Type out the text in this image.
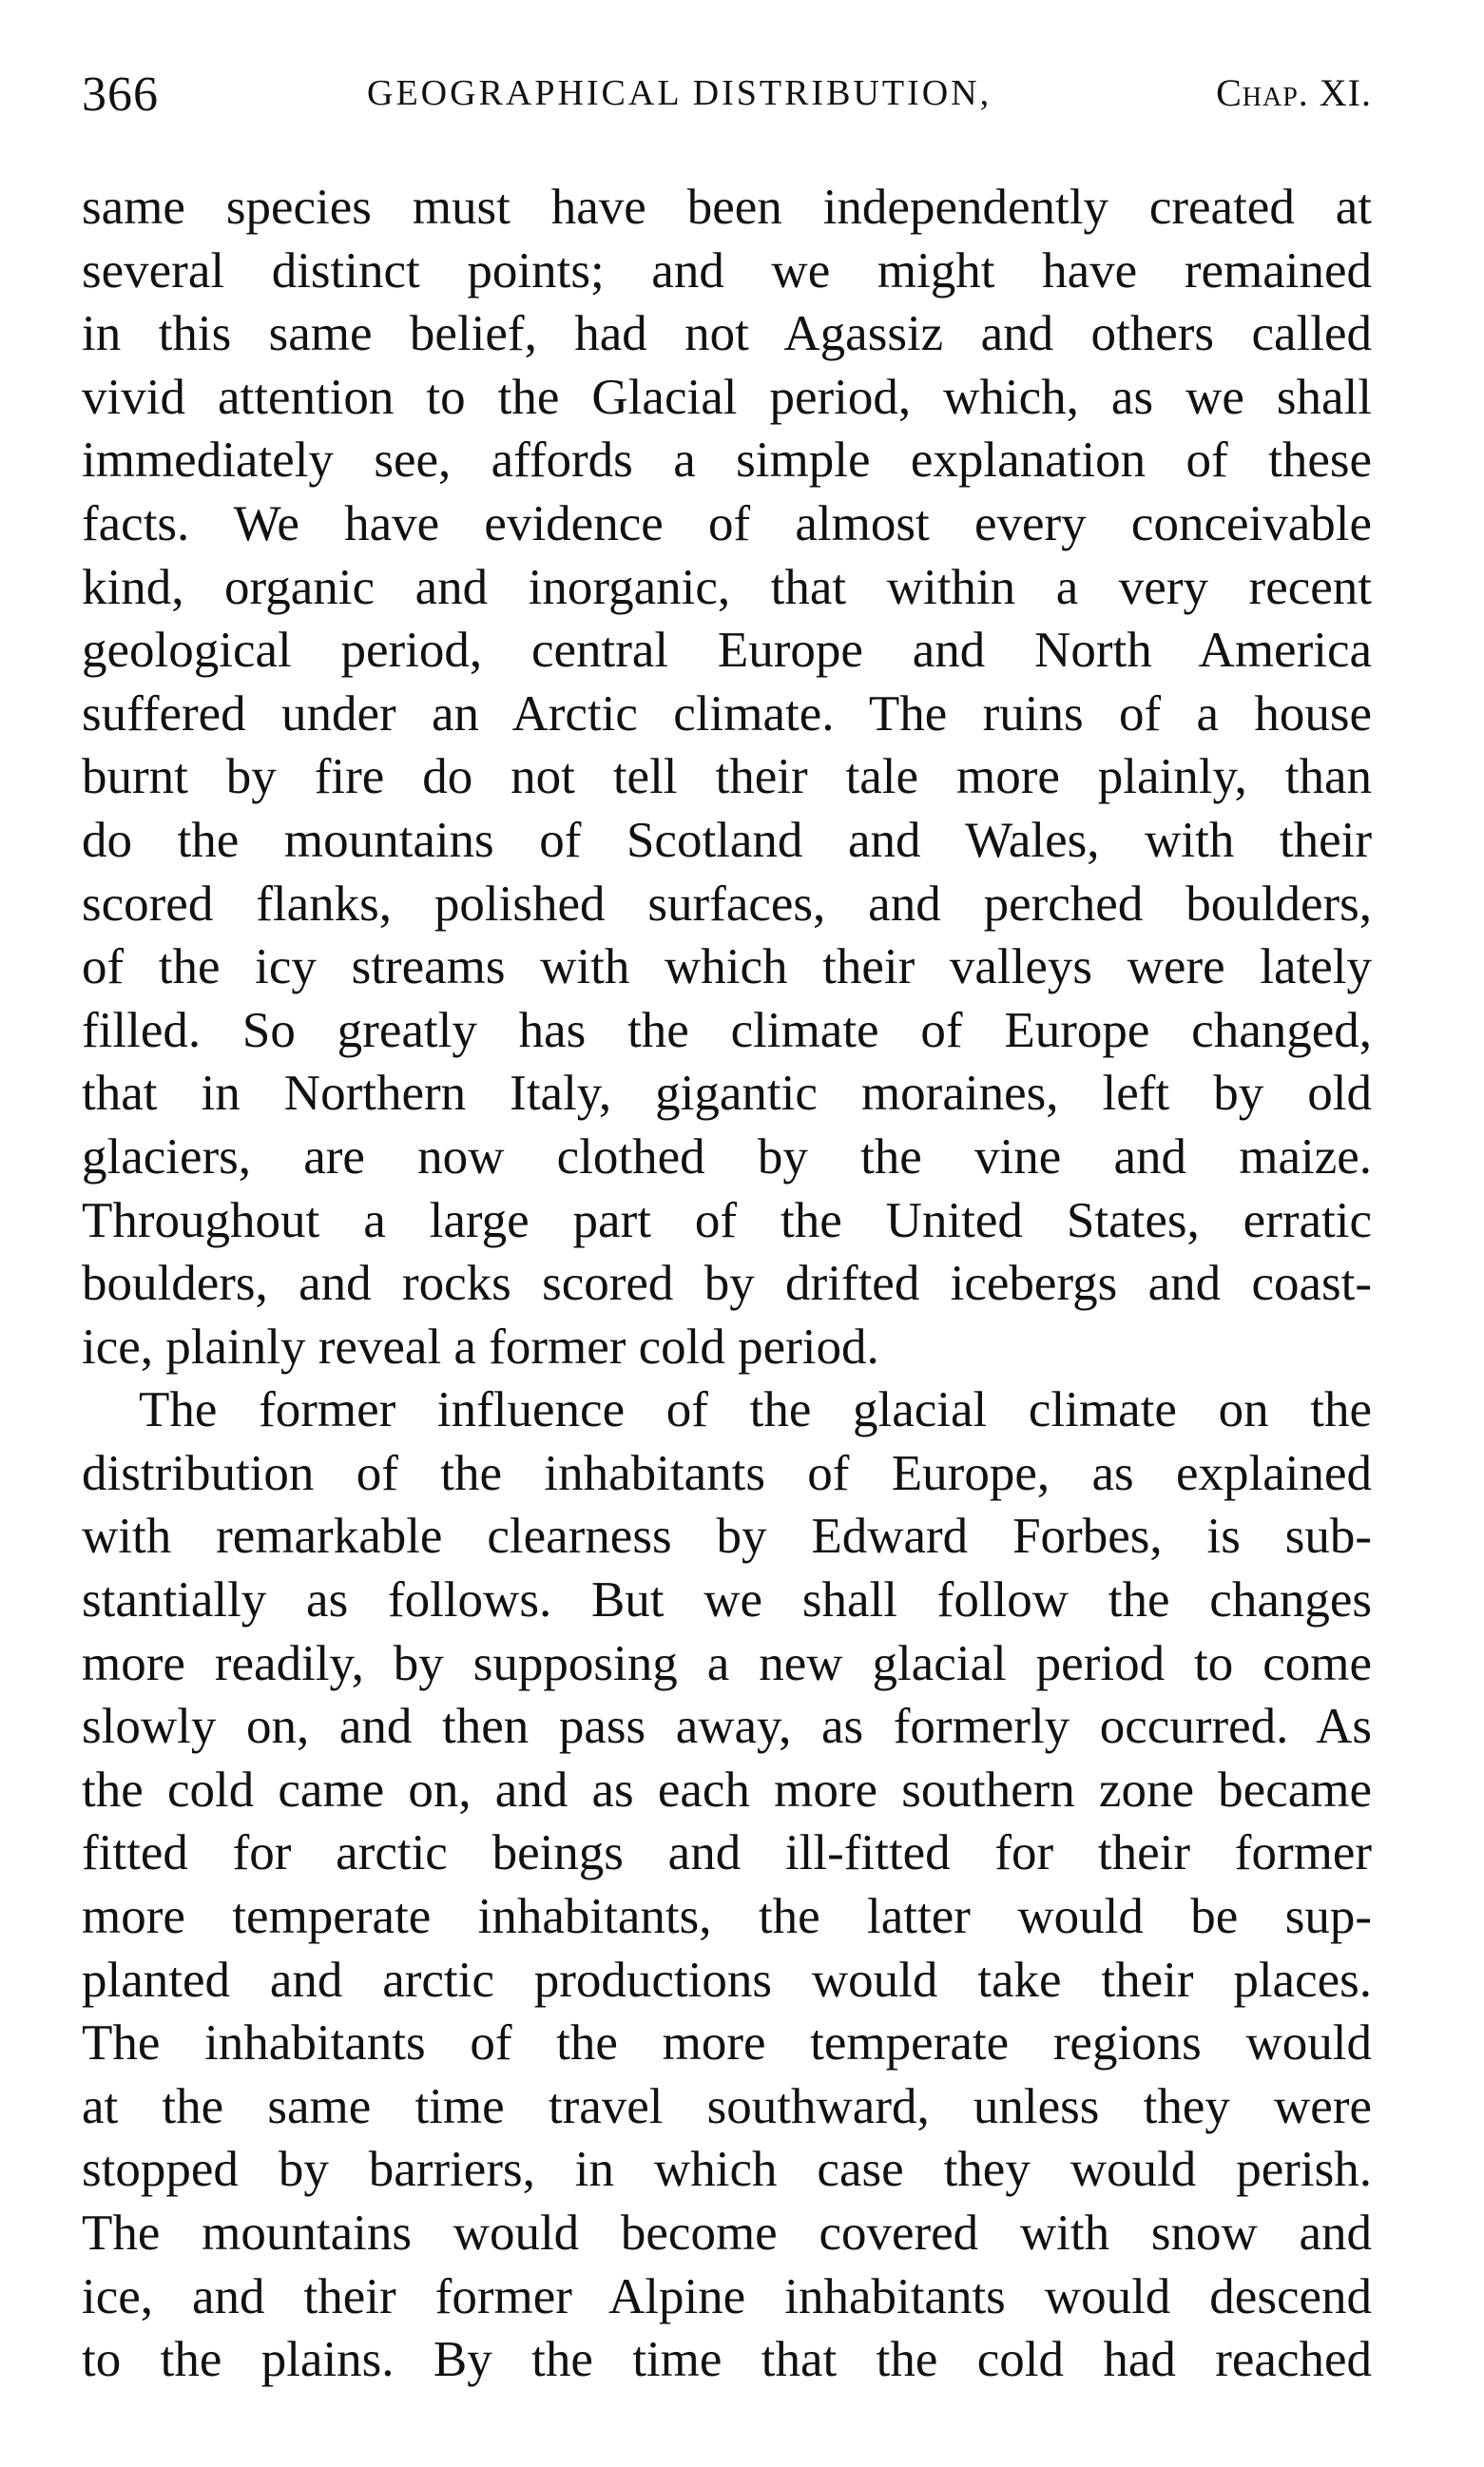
366	GEOGRAPHICAL DISTRIBUTION,	Chap. XI.
same species must have been independently created at
several distinct points; and we might have remained
in this same belief, had not Agassiz and others called
vivid attention to the Glacial period, which, as we shall
immediately see, affords a simple explanation of these
facts. We have evidence of almost every conceivable
kind, organic and inorganic, that within a very recent
geological period, central Europe and North America
suffered under an Arctic climate. The ruins of a house
burnt by fire do not tell their tale more plainly, than
do the mountains of Scotland and Wales, with their
scored flanks, polished surfaces, and perched boulders,
of the icy streams with which their valleys were lately
filled. So greatly has the climate of Europe changed,
that in Northern Italy, gigantic moraines, left by old
glaciers, are now clothed by the vine and maize.
Throughout a large part of the United States, erratic
boulders, and rocks scored by drifted icebergs and coast-
ice, plainly reveal a former cold period.
The former influence of the glacial climate on the
distribution of the inhabitants of Europe, as explained
with remarkable clearness by Edward Forbes, is sub-
stantially as follows. But we shall follow the changes
more readily, by supposing a new glacial period to come
slowly on, and then pass away, as formerly occurred. As
the cold came on, and as each more southern zone became
fitted for arctic beings and ill-fitted for their former
more temperate inhabitants, the latter would be sup-
planted and arctic productions would take their places.
The inhabitants of the more temperate regions would
at the same time travel southward, unless they were
stopped by barriers, in which case they would perish.
The mountains would become covered with snow and
ice, and their former Alpine inhabitants would descend
to the plains. By the time that the cold had reached
